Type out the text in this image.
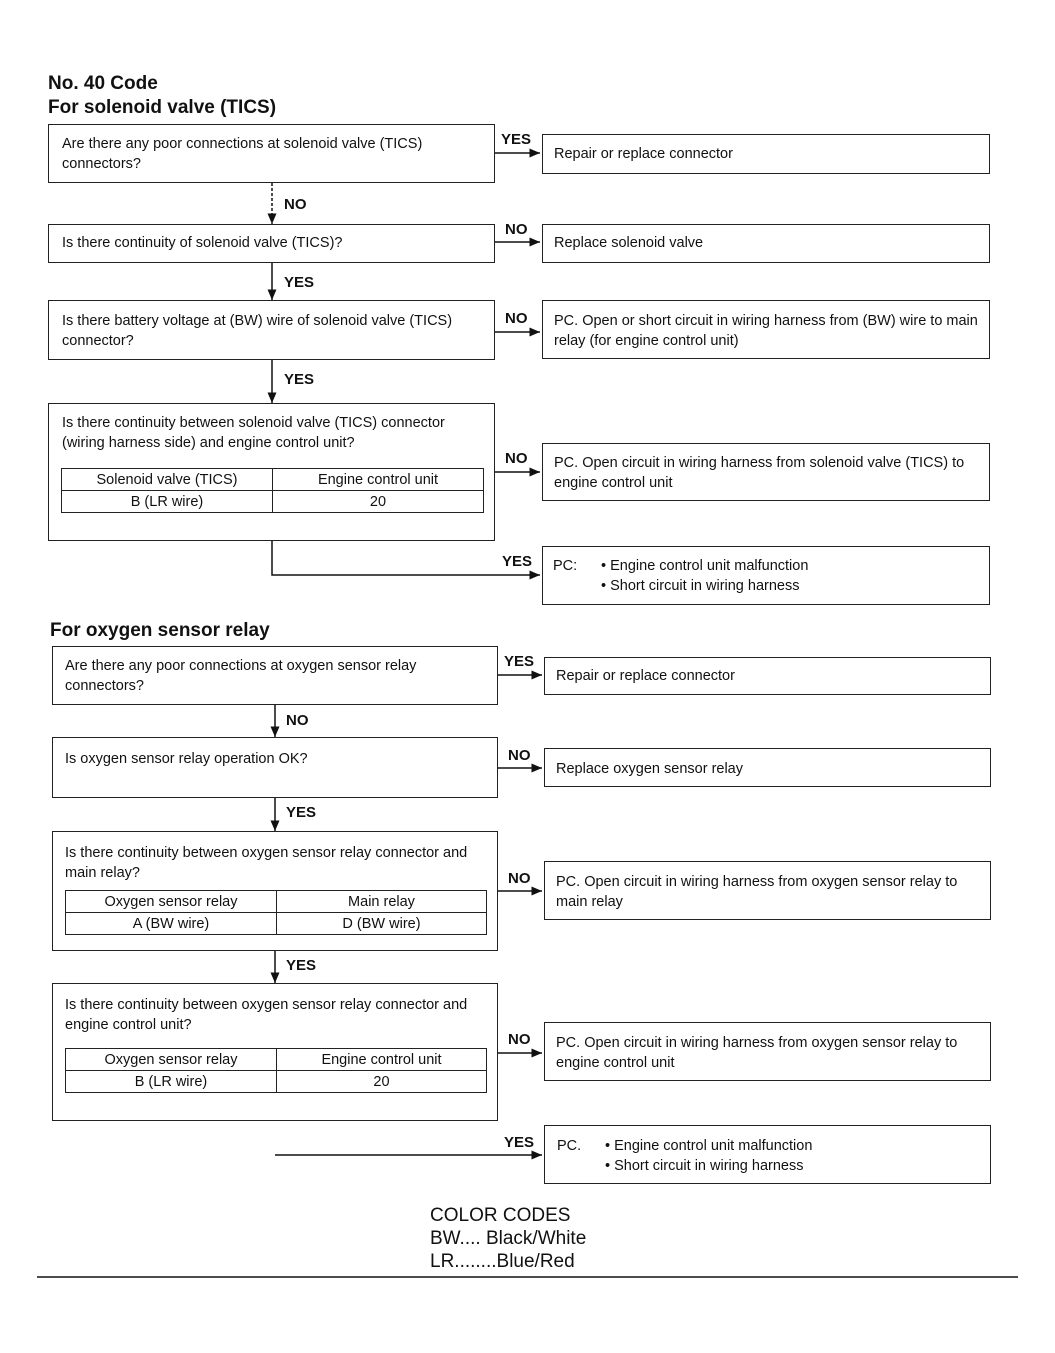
No. 40 Code
For solenoid valve (TICS)
Are there any poor connections at solenoid valve (TICS) connectors?
Repair or replace connector
YES
NO
Is there continuity of solenoid valve (TICS)?	Replace solenoid valve
NO
YES
Is there battery voltage at (BW) wire of solenoid valve (TICS) connector?
PC. Open or short circuit in wiring harness from (BW) wire to main relay (for engine control unit)
NO
YES
Is there continuity between solenoid valve (TICS) connector (wiring harness side) and engine control unit?
Solenoid valve (TICS)	Engine control unit
B (LR wire)	20
PC. Open circuit in wiring harness from solenoid valve (TICS) to engine control unit
NO
YES PC: • Engine control unit malfunction
• Short circuit in wiring harness
For oxygen sensor relay
Are there any poor connections at oxygen sensor relay connectors?
Repair or replace connector
YES
NO
Is oxygen sensor relay operation OK?
Replace oxygen sensor relay
NO
YES
Is there continuity between oxygen sensor relay connector and main relay?
Oxygen sensor relay	Main relay
A (BW wire)	D (BW wire)
PC. Open circuit in wiring harness from oxygen sensor relay to main relay
NO
YES
Is there continuity between oxygen sensor relay connector and engine control unit?
Oxygen sensor relay	Engine control unit
B (LR wire)	20
PC. Open circuit in wiring harness from oxygen sensor relay to engine control unit
NO
YES PC. • Engine control unit malfunction
• Short circuit in wiring harness
COLOR CODES
BW.... Black/White
LR........Blue/Red
